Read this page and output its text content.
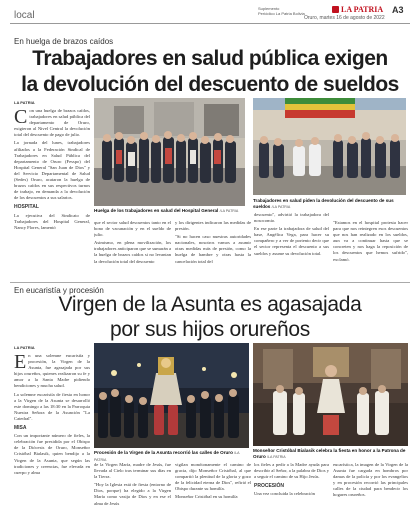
local
Suplemento
Periódico La Patria Bolivia	LA PATRIA A3
Oruro, martes 16 de agosto de 2022
En huelga de brazos caídos
Trabajadores en salud pública exigen
la devolución del descuento de sueldos
LA PATRIA

Con una huelga de brazos caídos, trabajadores en salud pública del departamento de Oruro, exigieron al Nivel Central la devolución total del descuento de pago de julio.

La jornada del lunes, trabajadores afiliados a la Federación Sindical de Trabajadores en Salud Pública del departamento de Oruro (Fesspo) del Hospital General "San Juan de Dios" y del Servicio Departamental de Salud (Sedes) Oruro, acataron la huelga de brazos caídos en sus respectivos turnos de trabajo, en demanda a la devolución de los descuentos a sus salarios.

HOSPITAL

La ejecutiva del Sindicato de Trabajadores del Hospital General, Nancy Flores, lamentó

Huelga de los trabajadores en salud del Hospital General /LA PATRIA
Trabajadores en salud piden la devolución del descuento de sus sueldos /LA PATRIA

que el sector salud descuentos tanto en el bono de vacunación y en el sueldo de julio.

Asimismo, en plena movilización, los trabajadores anticiparon que se sumarán a la huelga de brazos caídos si no levantan la devolución total del descuento

y los dirigentes indicaron las medidas de presión.

"Si no hacen caso nuestras autoridades nacionales, nosotros vamos a asumir otras medidas más de presión, como la huelga de hambre y otras hasta la cancelación total del

descuento", advirtió la trabajadora del nosocomio.

En ese parte la trabajadora de salud del base, Angélica Vega, para hacer su compañero y a ver de portento decir que el sector representa el descuento a sus sueldos y asume su devolución total.

"Estamos en el hospital protesta hacer para que nos reintegren esos descuentos que nos han realizado en los sueldos, aun va a continuar hasta que se concreten y nos haga la reposición de los descuentos que hemos sufrido", exclamó.

En eucaristía y procesión
Virgen de la Asunta es agasajada
por sus hijos orureños
LA PATRIA

En una solemne eucaristía y procesión, la Virgen de la Asunta, fue agasajada por sus hijos orureños, quienes realizaron su fe y amor a la Santa Madre pidiendo bendiciones y mucha salud.

La solemne eucaristía de fiesta en honor a la Virgen de la Asunta se desarrolló este domingo a las 18:30 en la Parroquia Nuestra Señora de la Asunción "La Catedral".

MISA

Con un importante número de fieles, la celebración fue presidida por el Obispo de la Diócesis de Oruro, Monseñor Cristóbal Bialasik, quien bendijo a la Virgen de la Asunta, que según las tradiciones y creencias, fue elevada en cuerpo y alma

Procesión de la Virgen de la Asunta recorrió las calles de Oruro /LA PATRIA
Monseñor Cristóbal Bialasik celebra la fiesta en honor a la Patrona de Oruro /LA PATRIA

de la Virgen María, madre de Jesús, fue llevada al Cielo tras terminar sus días en la Tierra.

"Hoy la Iglesia está de fiesta (entorno de Dios, porque) ha elegido a la Virgen María como vasija de Dios y en ese el alma de Jesús

vigilan monótonamente el camino de gracia, dijo Monseñor Cristóbal, al que compartió la plenitud de la gloria y gozo de la felicidad eterna de Dios", refirió el Obispo durante su homilía.

Monseñor Cristóbal en su homilía

los fieles a pedir a la Madre ayuda para describir al Señor, a la palabra de Dios y a seguir el camino de su Hijo Jesús.

PROCESIÓN

Una vez concluida la celebración

eucarística, la imagen de la Virgen de la Asunta fue cargada en hombros por damas de la policía y por los evangelios y en procesión recorrió las principales calles de la ciudad para bendecir los hogares orureños.
